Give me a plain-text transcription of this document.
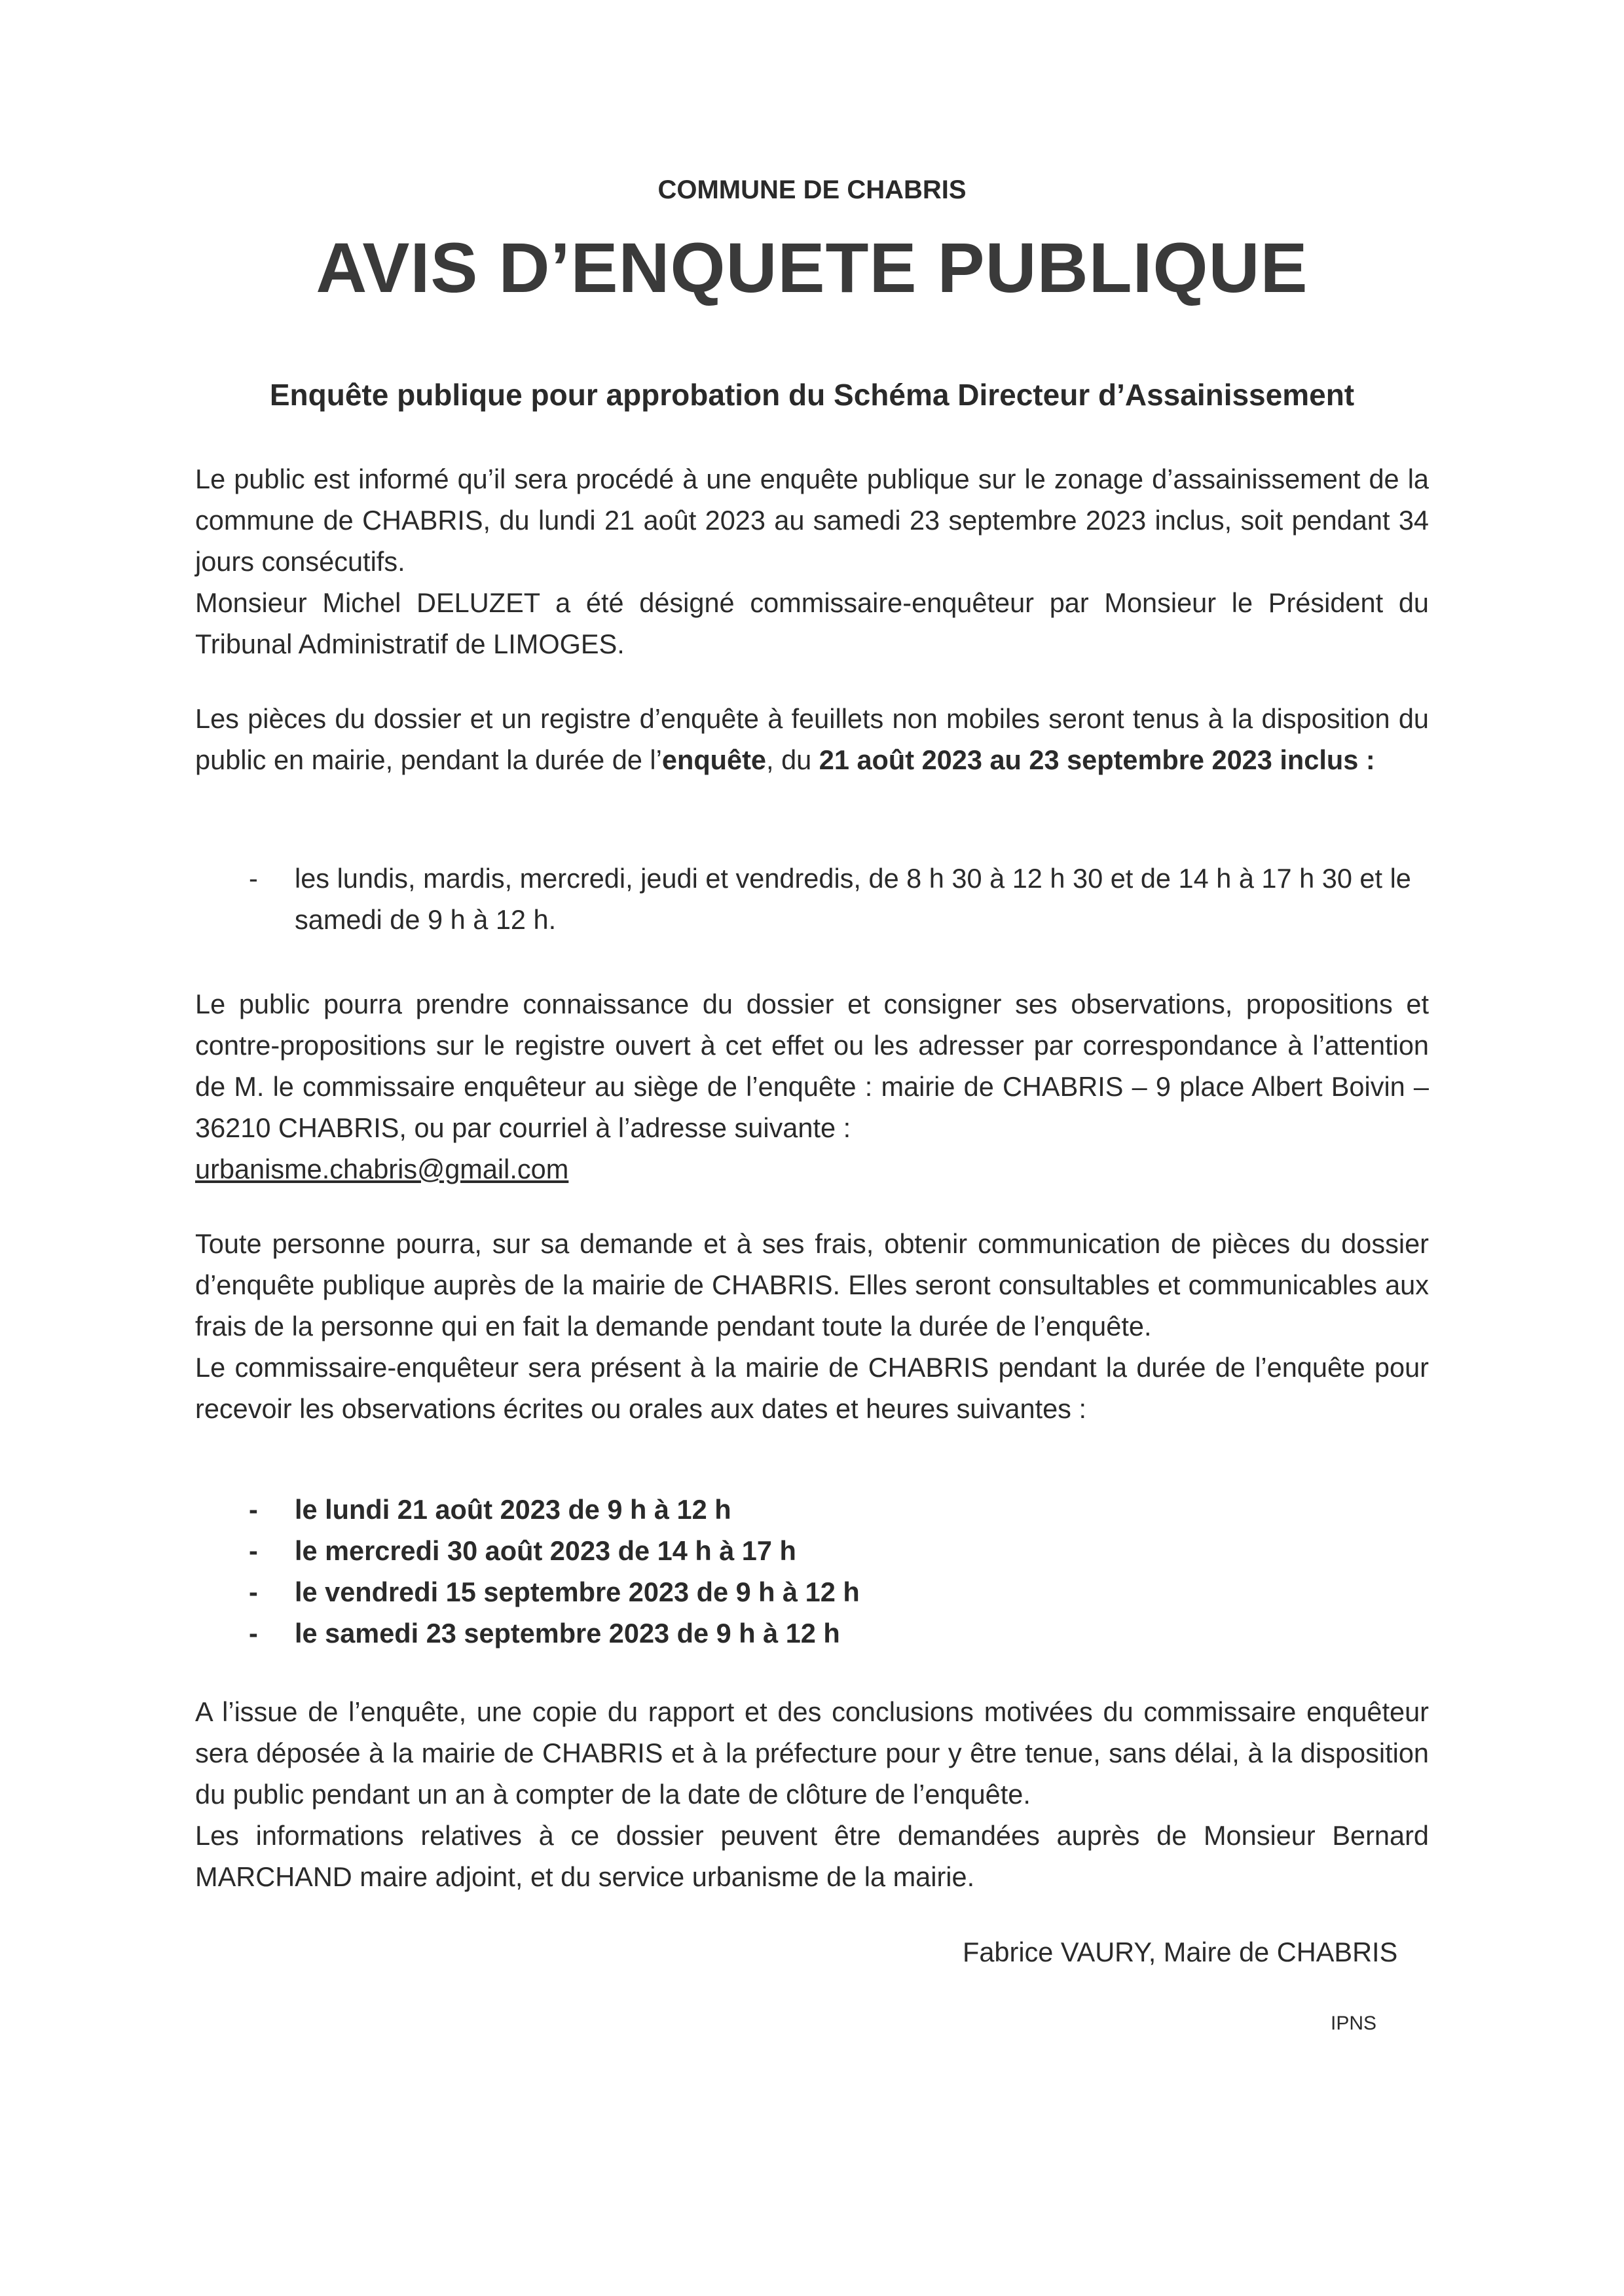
COMMUNE DE CHABRIS
AVIS D’ENQUETE PUBLIQUE
Enquête publique pour approbation du Schéma Directeur d’Assainissement

Le public est informé qu’il sera procédé à une enquête publique sur le zonage d’assainissement de la commune de CHABRIS, du lundi 21 août 2023 au samedi 23 septembre 2023 inclus, soit pendant 34 jours consécutifs.

Monsieur Michel DELUZET a été désigné commissaire-enquêteur par Monsieur le Président du Tribunal Administratif de LIMOGES.

Les pièces du dossier et un registre d’enquête à feuillets non mobiles seront tenus à la disposition du public en mairie, pendant la durée de l’enquête, du 21 août 2023 au 23 septembre 2023 inclus :

- les lundis, mardis, mercredi, jeudi et vendredis, de 8 h 30 à 12 h 30 et de 14 h à 17 h 30 et le samedi de 9 h à 12 h.

Le public pourra prendre connaissance du dossier et consigner ses observations, propositions et contre-propositions sur le registre ouvert à cet effet ou les adresser par correspondance à l’attention de M. le commissaire enquêteur au siège de l’enquête : mairie de CHABRIS – 9 place Albert Boivin – 36210 CHABRIS, ou par courriel à l’adresse suivante :
urbanisme.chabris@gmail.com

Toute personne pourra, sur sa demande et à ses frais, obtenir communication de pièces du dossier d’enquête publique auprès de la mairie de CHABRIS. Elles seront consultables et communicables aux frais de la personne qui en fait la demande pendant toute la durée de l’enquête.

Le commissaire-enquêteur sera présent à la mairie de CHABRIS pendant la durée de l’enquête pour recevoir les observations écrites ou orales aux dates et heures suivantes :

- le lundi 21 août 2023 de 9 h à 12 h
- le mercredi 30 août 2023 de 14 h à 17 h
- le vendredi 15 septembre 2023 de 9 h à 12 h
- le samedi 23 septembre 2023 de 9 h à 12 h

A l’issue de l’enquête, une copie du rapport et des conclusions motivées du commissaire enquêteur sera déposée à la mairie de CHABRIS et à la préfecture pour y être tenue, sans délai, à la disposition du public pendant un an à compter de la date de clôture de l’enquête.

Les informations relatives à ce dossier peuvent être demandées auprès de Monsieur Bernard MARCHAND maire adjoint, et du service urbanisme de la mairie.

Fabrice VAURY, Maire de CHABRIS
IPNS
